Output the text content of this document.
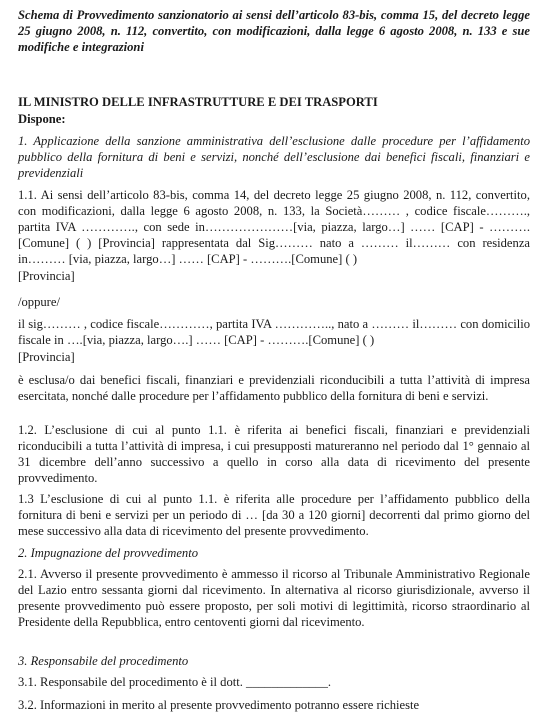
Schema di Provvedimento sanzionatorio ai sensi dell’articolo 83-bis, comma 15, del decreto legge 25 giugno 2008, n. 112, convertito, con modificazioni, dalla legge 6 agosto 2008, n. 133 e sue modifiche e integrazioni

IL MINISTRO DELLE INFRASTRUTTURE E DEI TRASPORTI

Dispone:

1. Applicazione della sanzione amministrativa dell’esclusione dalle procedure per l’affidamento pubblico della fornitura di beni e servizi, nonché dell’esclusione dai benefici fiscali, finanziari e previdenziali

1.1. Ai sensi dell’articolo 83-bis, comma 14, del decreto legge 25 giugno 2008, n. 112, convertito, con modificazioni, dalla legge 6 agosto 2008, n. 133, la Società……… , codice fiscale………., partita IVA …………., con sede in…………………[via, piazza, largo…] …… [CAP] - ……….[Comune] ( ) [Provincia] rappresentata dal Sig……… nato a ……… il……… con residenza in……… [via, piazza, largo…] …… [CAP] - ……….[Comune] ( )

[Provincia]

/oppure/

il sig……… , codice fiscale…………, partita IVA ………….., nato a ……… il……… con domicilio fiscale in ….[via, piazza, largo….] …… [CAP] - ……….[Comune] ( )

[Provincia]

è esclusa/o dai benefici fiscali, finanziari e previdenziali riconducibili a tutta l’attività di impresa esercitata, nonché dalle procedure per l’affidamento pubblico della fornitura di beni e servizi.

1.2. L’esclusione di cui al punto 1.1. è riferita ai benefici fiscali, finanziari e previdenziali riconducibili a tutta l’attività di impresa, i cui presupposti matureranno nel periodo dal 1° gennaio al 31 dicembre dell’anno successivo a quello in corso alla data di ricevimento del presente provvedimento.

1.3 L’esclusione di cui al punto 1.1. è riferita alle procedure per l’affidamento pubblico della fornitura di beni e servizi per un periodo di … [da 30 a 120 giorni] decorrenti dal primo giorno del mese successivo alla data di ricevimento del presente provvedimento.

2. Impugnazione del provvedimento

2.1. Avverso il presente provvedimento è ammesso il ricorso al Tribunale Amministrativo Regionale del Lazio entro sessanta giorni dal ricevimento. In alternativa al ricorso giurisdizionale, avverso il presente provvedimento può essere proposto, per soli motivi di legittimità, ricorso straordinario al Presidente della Repubblica, entro centoventi giorni dal ricevimento.

3. Responsabile del procedimento

3.1. Responsabile del procedimento è il dott. _____________.

3.2. Informazioni in merito al presente provvedimento potranno essere richieste
